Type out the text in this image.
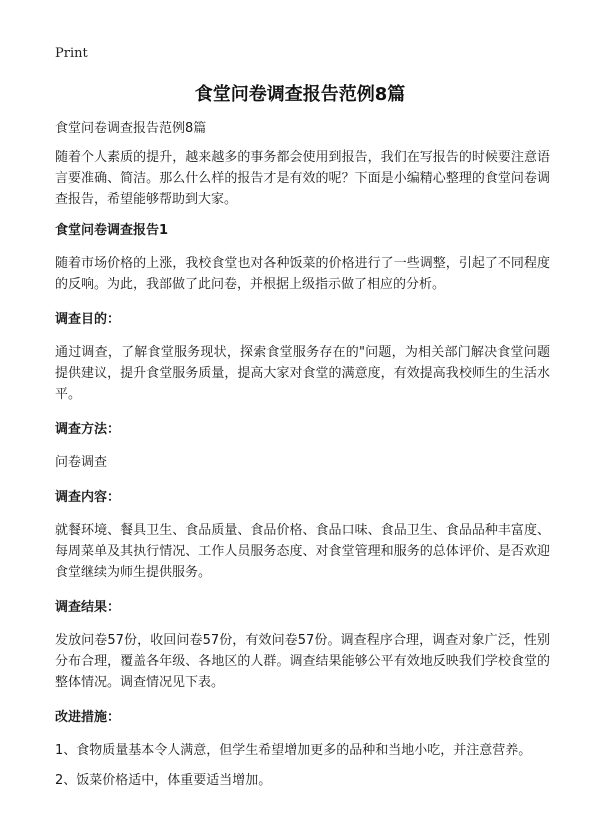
Print
食堂问卷调查报告范例8篇

食堂问卷调查报告范例8篇

随着个人素质的提升，越来越多的事务都会使用到报告，我们在写报告的时候要注意语言要准确、简洁。那么什么样的报告才是有效的呢？下面是小编精心整理的食堂问卷调查报告，希望能够帮助到大家。

食堂问卷调查报告1

随着市场价格的上涨，我校食堂也对各种饭菜的价格进行了一些调整，引起了不同程度的反响。为此，我部做了此问卷，并根据上级指示做了相应的分析。

调查目的：

通过调查，了解食堂服务现状，探索食堂服务存在的"问题，为相关部门解决食堂问题提供建议，提升食堂服务质量，提高大家对食堂的满意度，有效提高我校师生的生活水平。

调查方法：

问卷调查

调查内容：

就餐环境、餐具卫生、食品质量、食品价格、食品口味、食品卫生、食品品种丰富度、每周菜单及其执行情况、工作人员服务态度、对食堂管理和服务的总体评价、是否欢迎食堂继续为师生提供服务。

调查结果：

发放问卷57份，收回问卷57份，有效问卷57份。调查程序合理，调查对象广泛，性别分布合理，覆盖各年级、各地区的人群。调查结果能够公平有效地反映我们学校食堂的整体情况。调查情况见下表。

改进措施：

1、食物质量基本令人满意，但学生希望增加更多的品种和当地小吃，并注意营养。

2、饭菜价格适中，体重要适当增加。
